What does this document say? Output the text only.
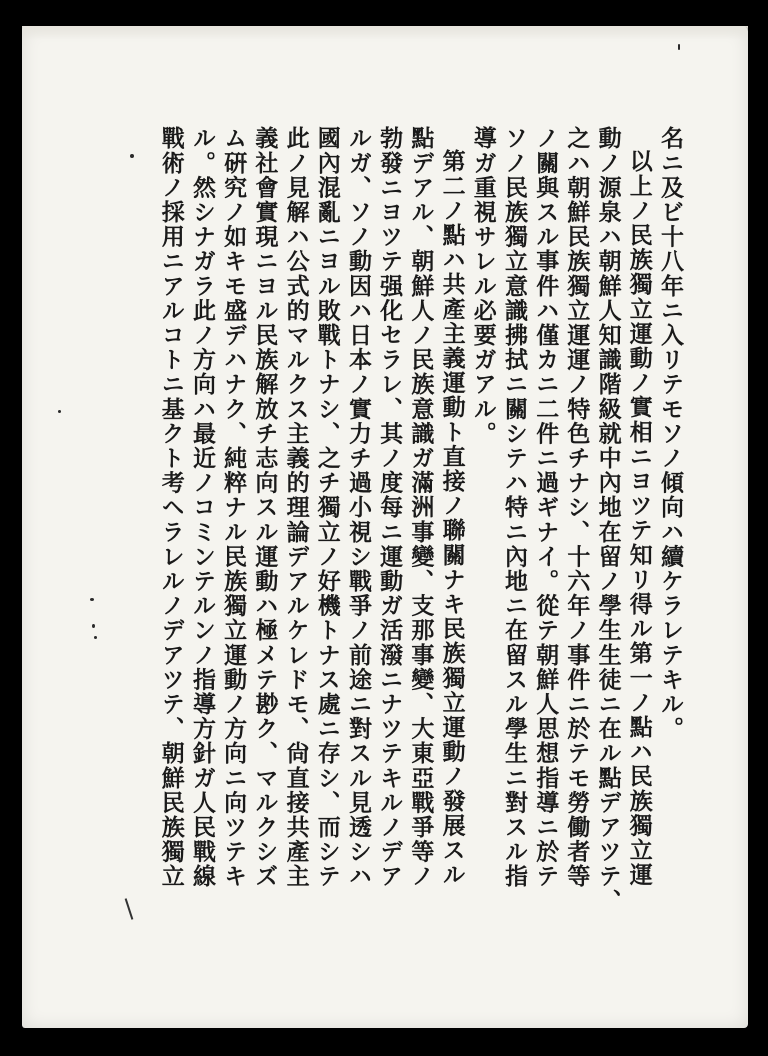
名ニ及ビ十八年ニ入リテモソノ傾向ハ續ケラレテキル。

以上ノ民族獨立運動ノ實相ニヨツテ知リ得ル第一ノ點ハ民族獨立運

動ノ源泉ハ朝鮮人知識階級就中內地在留ノ學生生徒ニ在ル點デアツテ、

之ハ朝鮮民族獨立運運ノ特色チナシ、十六年ノ事件ニ於テモ勞働者等

ノ關與スル事件ハ僅カニ二件ニ過ギナイ。從テ朝鮮人思想指導ニ於テ

ソノ民族獨立意識拂拭ニ關シテハ特ニ內地ニ在留スル學生ニ對スル指

導ガ重視サレル必要ガアル。

第二ノ點ハ共產主義運動ト直接ノ聯關ナキ民族獨立運動ノ發展スル

點デアル、朝鮮人ノ民族意識ガ滿洲事變、支那事變、大東亞戰爭等ノ

勃發ニヨツテ强化セラレ、其ノ度每ニ運動ガ活潑ニナツテキルノデア

ルガ、ソノ動因ハ日本ノ實力チ過小視シ戰爭ノ前途ニ對スル見透シハ

國內混亂ニヨル敗戰トナシ、之チ獨立ノ好機トナス處ニ存シ、而シテ

此ノ見解ハ公式的マルクス主義的理論デアルケレドモ、尙直接共產主

義社會實現ニヨル民族解放チ志向スル運動ハ極メテ尠ク、マルクシズ

ム硏究ノ如キモ盛デハナク、純粹ナル民族獨立運動ノ方向ニ向ツテキ

ル。然シナガラ此ノ方向ハ最近ノコミンテルンノ指導方針ガ人民戰線

戰術ノ採用ニアルコトニ基クト考ヘラレルノデアツテ、朝鮮民族獨立
